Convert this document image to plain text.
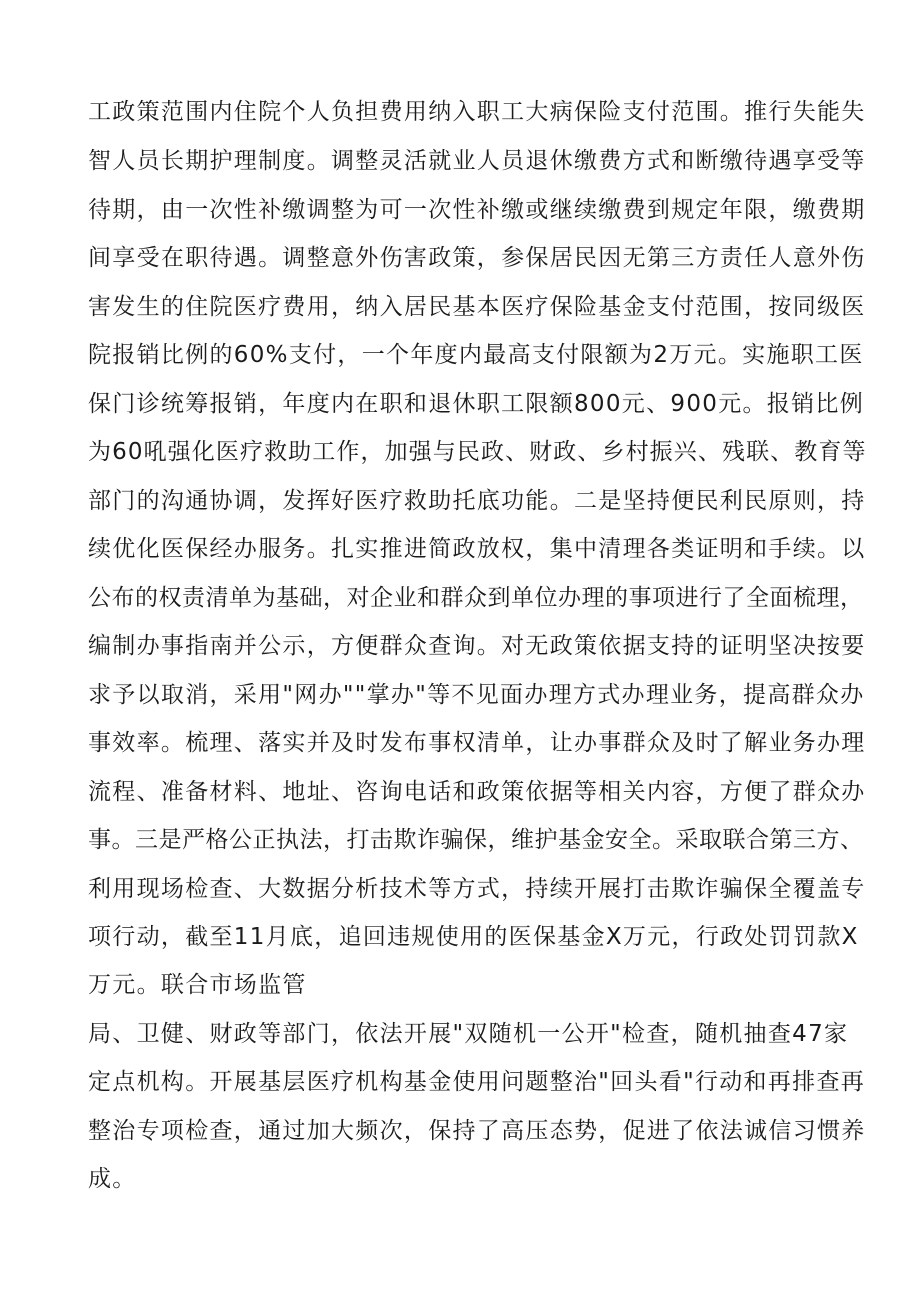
工政策范围内住院个人负担费用纳入职工大病保险支付范围。推行失能失
智人员长期护理制度。调整灵活就业人员退休缴费方式和断缴待遇享受等
待期，由一次性补缴调整为可一次性补缴或继续缴费到规定年限，缴费期
间享受在职待遇。调整意外伤害政策，参保居民因无第三方责任人意外伤
害发生的住院医疗费用，纳入居民基本医疗保险基金支付范围，按同级医
院报销比例的60%支付，一个年度内最高支付限额为2万元。实施职工医
保门诊统筹报销，年度内在职和退休职工限额800元、900元。报销比例
为60吼强化医疗救助工作，加强与民政、财政、乡村振兴、残联、教育等
部门的沟通协调，发挥好医疗救助托底功能。二是坚持便民利民原则，持
续优化医保经办服务。扎实推进简政放权，集中清理各类证明和手续。以
公布的权责清单为基础，对企业和群众到单位办理的事项进行了全面梳理，
编制办事指南并公示，方便群众查询。对无政策依据支持的证明坚决按要
求予以取消，采用"网办""掌办"等不见面办理方式办理业务，提高群众办
事效率。梳理、落实并及时发布事权清单，让办事群众及时了解业务办理
流程、准备材料、地址、咨询电话和政策依据等相关内容，方便了群众办
事。三是严格公正执法，打击欺诈骗保，维护基金安全。采取联合第三方、
利用现场检查、大数据分析技术等方式，持续开展打击欺诈骗保全覆盖专
项行动，截至11月底，追回违规使用的医保基金X万元，行政处罚罚款X
万元。联合市场监管
局、卫健、财政等部门，依法开展"双随机一公开"检查，随机抽查47家
定点机构。开展基层医疗机构基金使用问题整治"回头看"行动和再排查再
整治专项检查，通过加大频次，保持了高压态势，促进了依法诚信习惯养
成。
